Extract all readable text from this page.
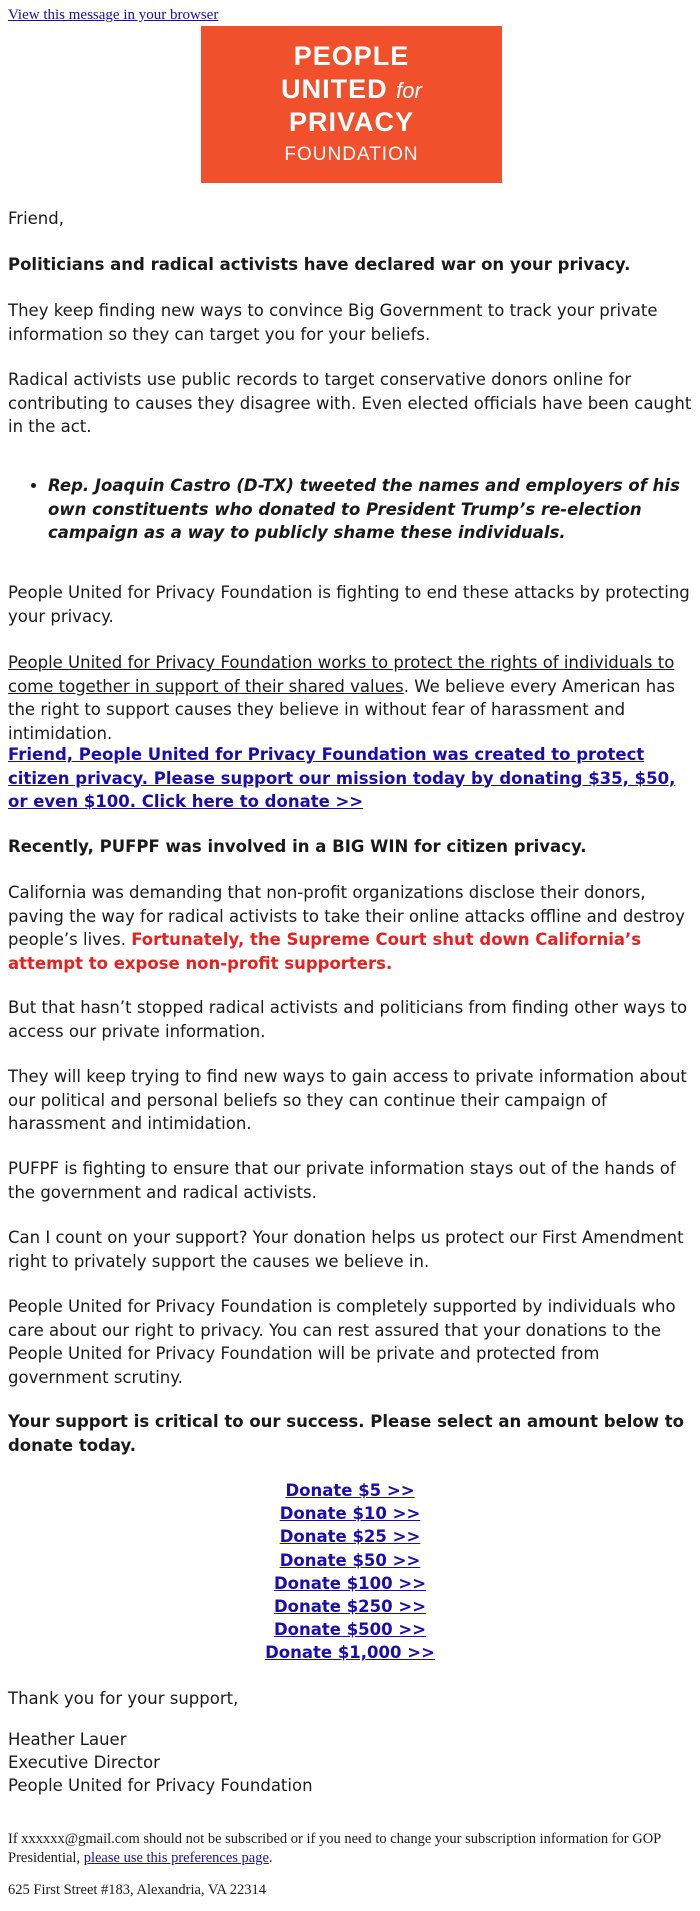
View this message in your browser
PEOPLE
UNITED for
PRIVACY
FOUNDATION
Friend,
Politicians and radical activists have declared war on your privacy.
They keep finding new ways to convince Big Government to track your private information so they can target you for your beliefs.
Radical activists use public records to target conservative donors online for contributing to causes they disagree with. Even elected officials have been caught in the act.
• Rep. Joaquin Castro (D-TX) tweeted the names and employers of his own constituents who donated to President Trump’s re-election campaign as a way to publicly shame these individuals.
People United for Privacy Foundation is fighting to end these attacks by protecting your privacy.
People United for Privacy Foundation works to protect the rights of individuals to come together in support of their shared values. We believe every American has the right to support causes they believe in without fear of harassment and intimidation.
Friend, People United for Privacy Foundation was created to protect citizen privacy. Please support our mission today by donating $35, $50, or even $100. Click here to donate >>
Recently, PUFPF was involved in a BIG WIN for citizen privacy.
California was demanding that non-profit organizations disclose their donors, paving the way for radical activists to take their online attacks offline and destroy people’s lives. Fortunately, the Supreme Court shut down California’s attempt to expose non-profit supporters.
But that hasn’t stopped radical activists and politicians from finding other ways to access our private information.
They will keep trying to find new ways to gain access to private information about our political and personal beliefs so they can continue their campaign of harassment and intimidation.
PUFPF is fighting to ensure that our private information stays out of the hands of the government and radical activists.
Can I count on your support? Your donation helps us protect our First Amendment right to privately support the causes we believe in.
People United for Privacy Foundation is completely supported by individuals who care about our right to privacy. You can rest assured that your donations to the People United for Privacy Foundation will be private and protected from government scrutiny.
Your support is critical to our success. Please select an amount below to donate today.
Donate $5 >>
Donate $10 >>
Donate $25 >>
Donate $50 >>
Donate $100 >>
Donate $250 >>
Donate $500 >>
Donate $1,000 >>
Thank you for your support,
Heather Lauer
Executive Director
People United for Privacy Foundation
If xxxxxx@gmail.com should not be subscribed or if you need to change your subscription information for GOP Presidential, please use this preferences page.
625 First Street #183, Alexandria, VA 22314
